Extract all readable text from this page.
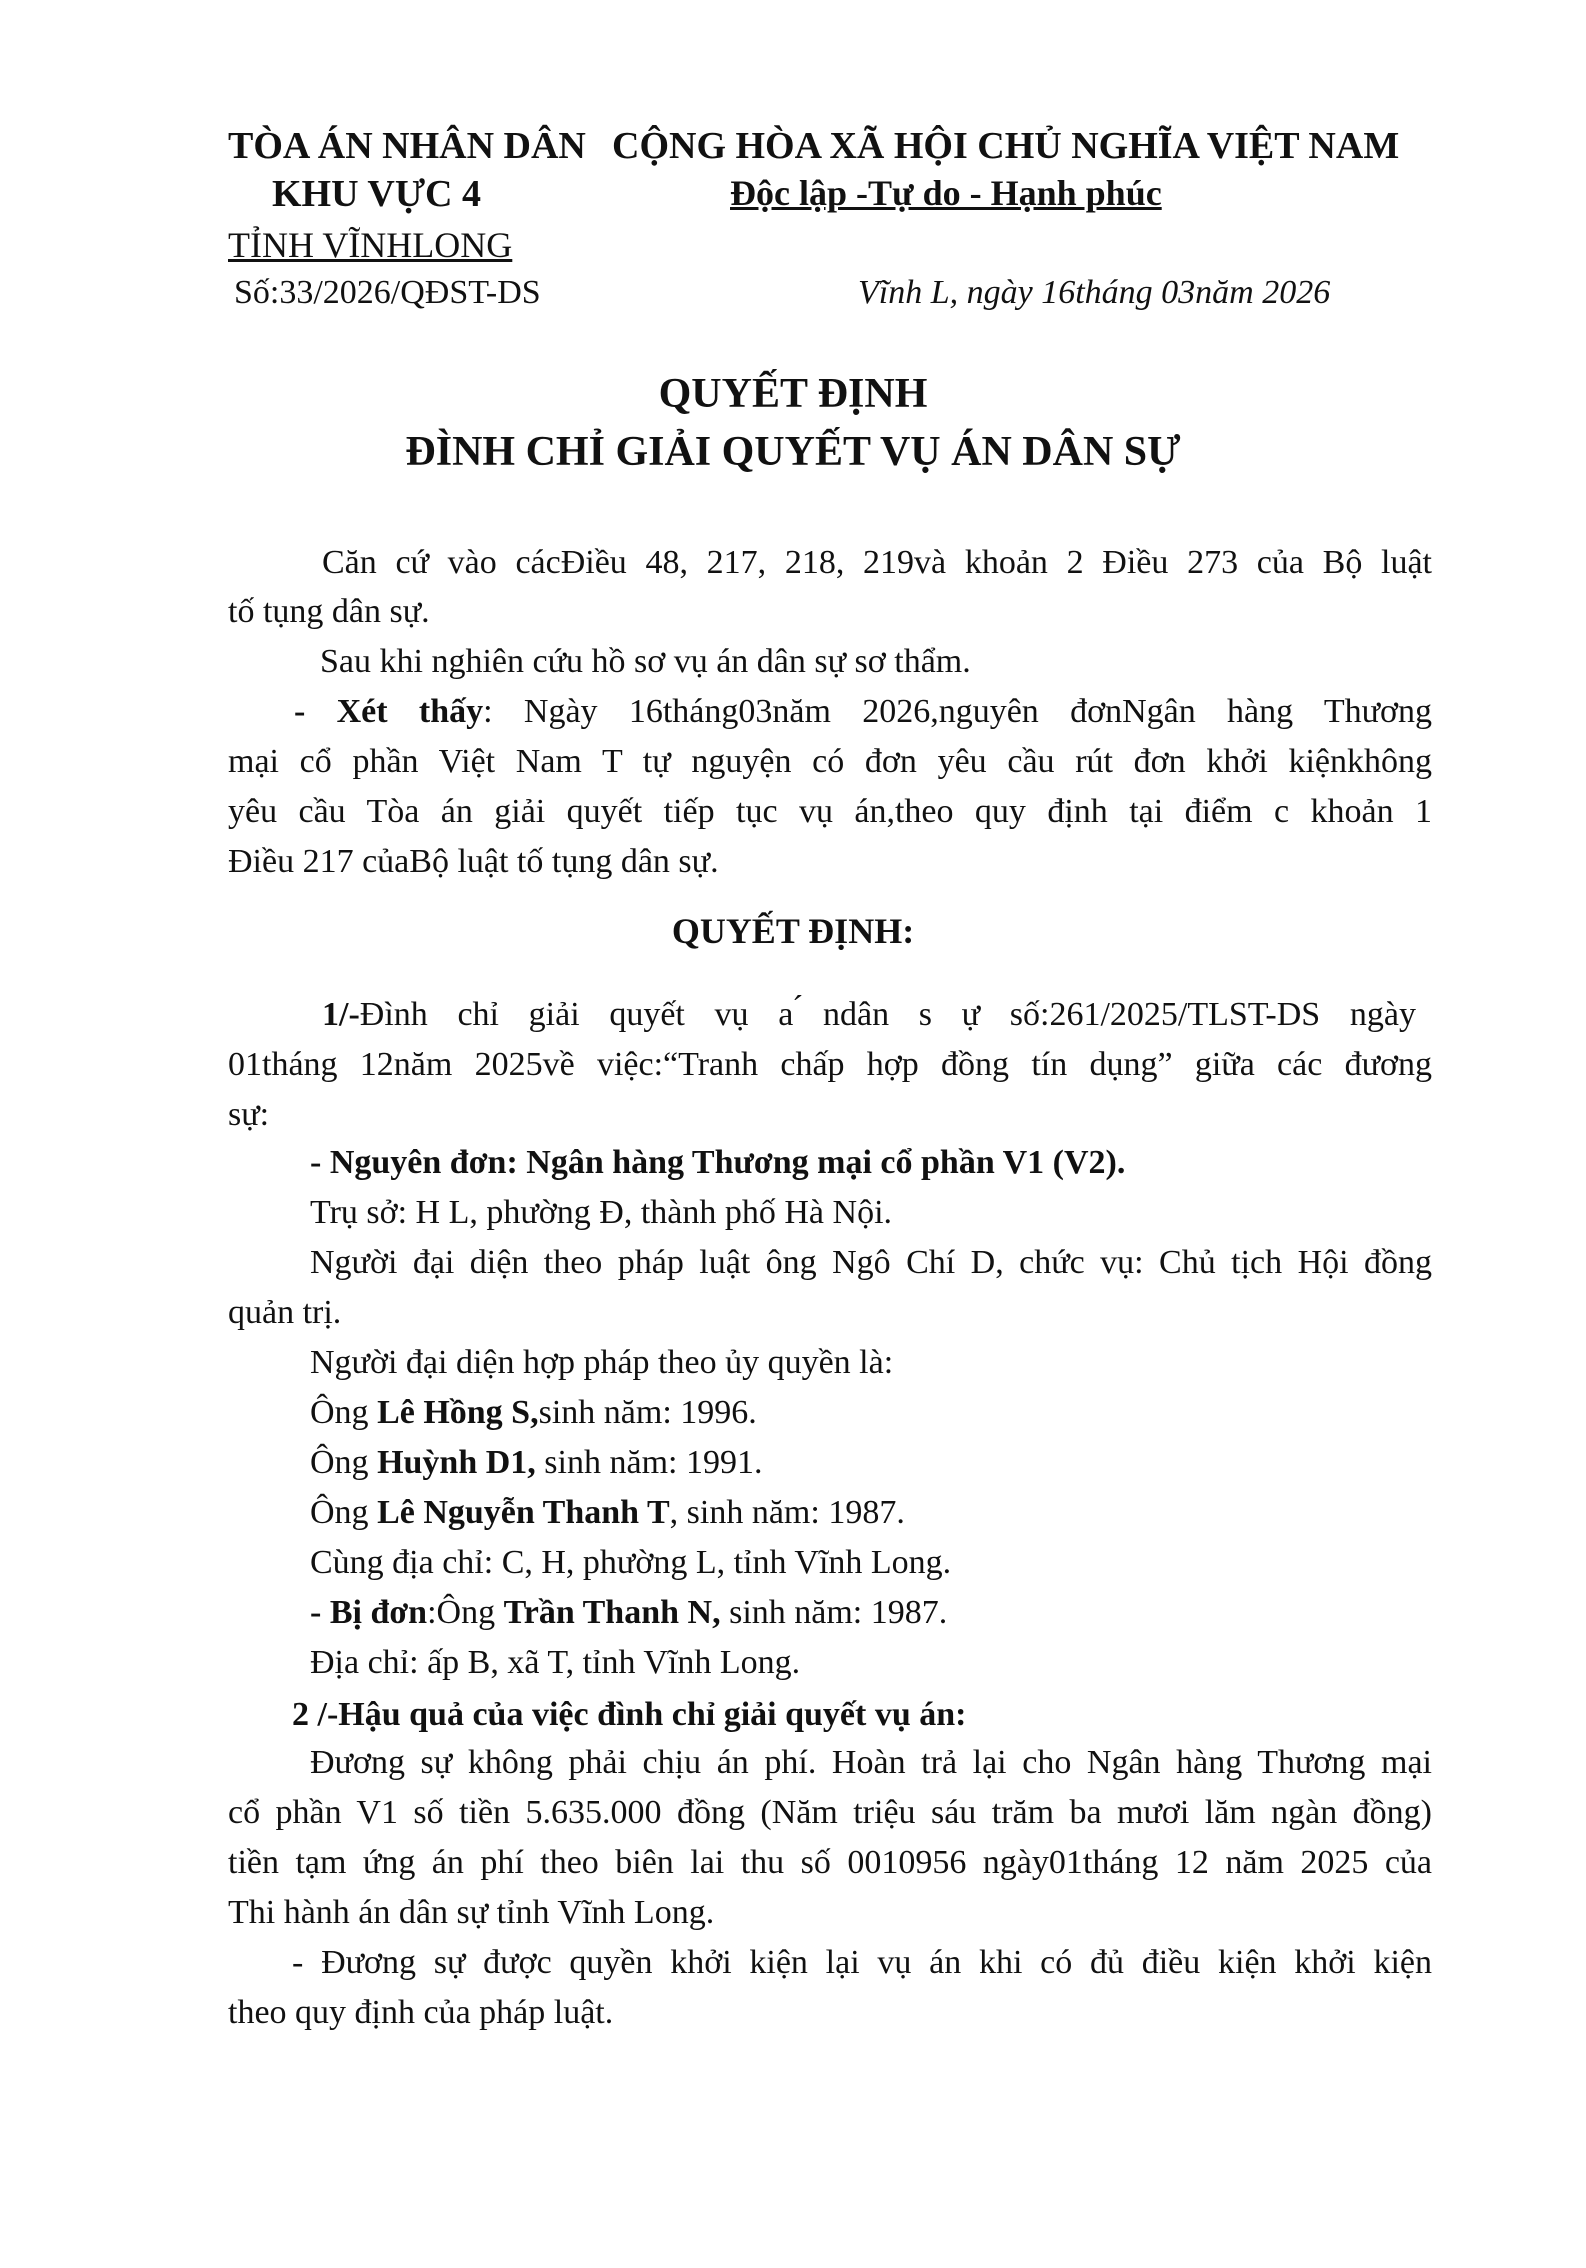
TÒA ÁN NHÂN DÂN
KHU VỰC 4
TỈNH VĨNHLONG
Số:33/2026/QĐST-DS
CỘNG HÒA XÃ HỘI CHỦ NGHĨA VIỆT NAM
Độc lập -Tự do - Hạnh phúc
Vĩnh L, ngày 16tháng 03năm 2026
QUYẾT ĐỊNH
ĐÌNH CHỈ GIẢI QUYẾT VỤ ÁN DÂN SỰ
Căn cứ vào cácĐiều 48, 217, 218, 219và khoản 2 Điều 273 của Bộ luật
tố tụng dân sự.
Sau khi nghiên cứu hồ sơ vụ án dân sự sơ thẩm.
- Xét thấy: Ngày 16tháng03năm 2026,nguyên đơnNgân hàng Thương
mại cổ phần Việt Nam T tự nguyện có đơn yêu cầu rút đơn khởi kiệnkhông
yêu cầu Tòa án giải quyết tiếp tục vụ án,theo quy định tại điểm c khoản 1
Điều 217 củaBộ luật tố tụng dân sự.
QUYẾT ĐỊNH:
1/-Đình chỉ giải quyết vụ a ́ndân s ự số:261/2025/TLST-DS ngày
01tháng 12năm 2025về việc:“Tranh chấp hợp đồng tín dụng” giữa các đương
sự:
- Nguyên đơn: Ngân hàng Thương mại cổ phần V1 (V2).
Trụ sở: H L, phường Đ, thành phố Hà Nội.
Người đại diện theo pháp luật ông Ngô Chí D, chức vụ: Chủ tịch Hội đồng
quản trị.
Người đại diện hợp pháp theo ủy quyền là:
Ông Lê Hồng S,sinh năm: 1996.
Ông Huỳnh D1, sinh năm: 1991.
Ông Lê Nguyễn Thanh T, sinh năm: 1987.
Cùng địa chỉ: C, H, phường L, tỉnh Vĩnh Long.
- Bị đơn:Ông Trần Thanh N, sinh năm: 1987.
Địa chỉ: ấp B, xã T, tỉnh Vĩnh Long.
2 /-Hậu quả của việc đình chỉ giải quyết vụ án:
Đương sự không phải chịu án phí. Hoàn trả lại cho Ngân hàng Thương mại
cổ phần V1 số tiền 5.635.000 đồng (Năm triệu sáu trăm ba mươi lăm ngàn đồng)
tiền tạm ứng án phí theo biên lai thu số 0010956 ngày01tháng 12 năm 2025 của
Thi hành án dân sự tỉnh Vĩnh Long.
- Đương sự được quyền khởi kiện lại vụ án khi có đủ điều kiện khởi kiện
theo quy định của pháp luật.
